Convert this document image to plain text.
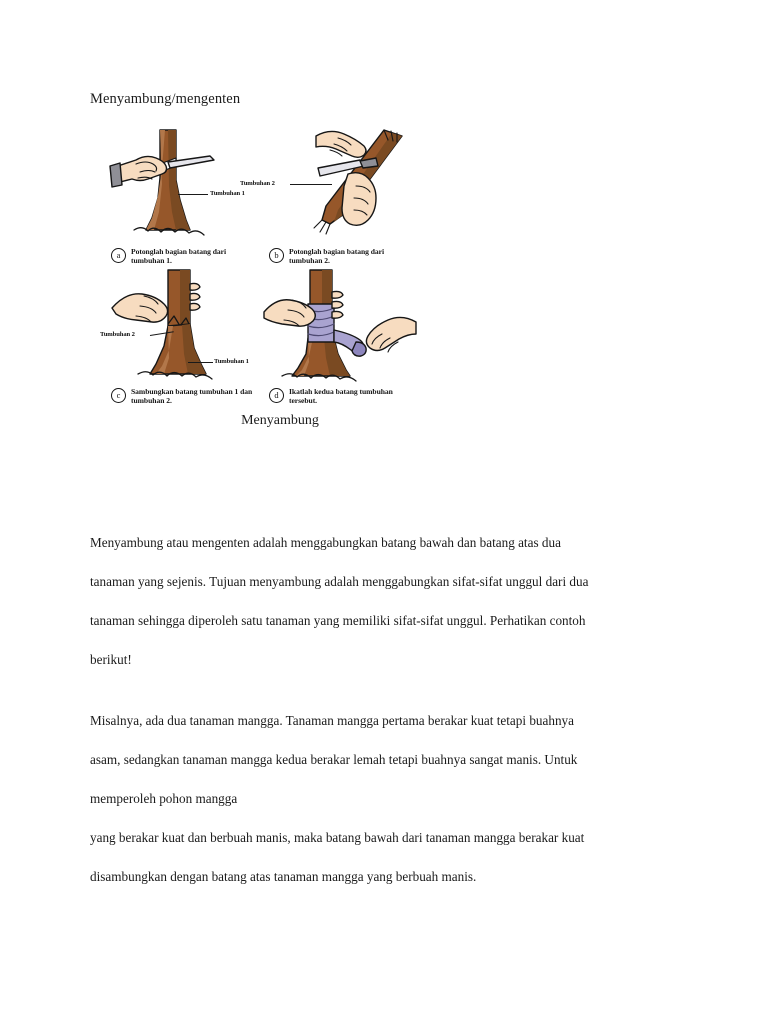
Menyambung/mengenten
Tumbuhan 1
a	Potonglah bagian batang dari tumbuhan 1.
Tumbuhan 2
b	Potonglah bagian batang dari tumbuhan 2.
Tumbuhan 2
Tumbuhan 1
c	Sambungkan batang tumbuhan 1 dan tumbuhan 2.
d	Ikatlah kedua batang tumbuhan tersebut.
Menyambung

Menyambung atau mengenten adalah menggabungkan batang bawah dan batang atas dua
tanaman yang sejenis. Tujuan menyambung adalah menggabungkan sifat-sifat unggul dari dua
tanaman sehingga diperoleh satu tanaman yang memiliki sifat-sifat unggul. Perhatikan contoh
berikut!

Misalnya, ada dua tanaman mangga. Tanaman mangga pertama berakar kuat tetapi buahnya
asam, sedangkan tanaman mangga kedua berakar lemah tetapi buahnya sangat manis. Untuk
memperoleh pohon mangga
yang berakar kuat dan berbuah manis, maka batang bawah dari tanaman mangga berakar kuat
disambungkan dengan batang atas tanaman mangga yang berbuah manis.
